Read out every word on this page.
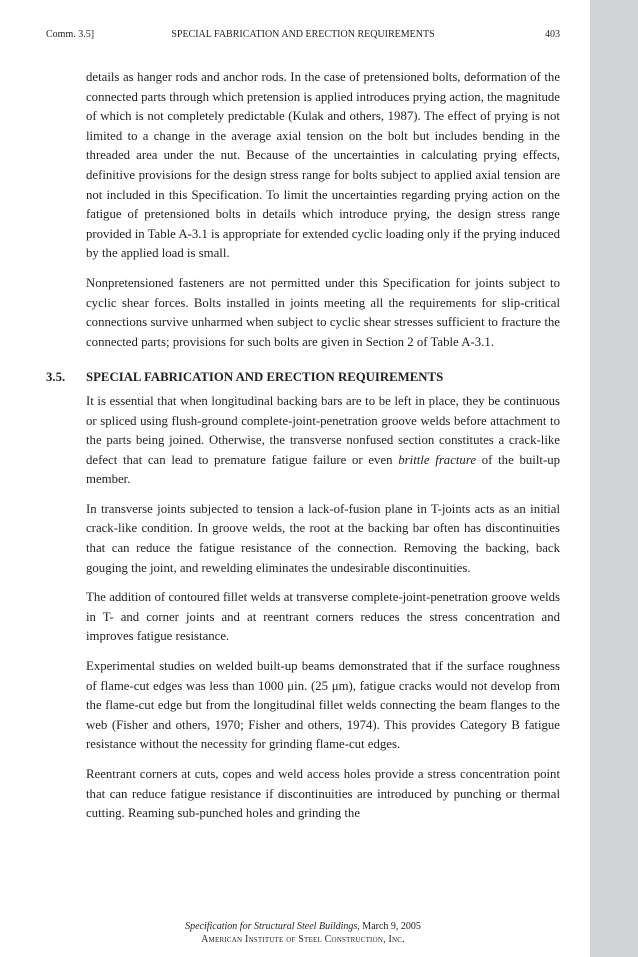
Comm. 3.5]	SPECIAL FABRICATION AND ERECTION REQUIREMENTS	403

details as hanger rods and anchor rods. In the case of pretensioned bolts, deformation of the connected parts through which pretension is applied introduces prying action, the magnitude of which is not completely predictable (Kulak and others, 1987). The effect of prying is not limited to a change in the average axial tension on the bolt but includes bending in the threaded area under the nut. Because of the uncertainties in calculating prying effects, definitive provisions for the design stress range for bolts subject to applied axial tension are not included in this Specification. To limit the uncertainties regarding prying action on the fatigue of pretensioned bolts in details which introduce prying, the design stress range provided in Table A-3.1 is appropriate for extended cyclic loading only if the prying induced by the applied load is small.

Nonpretensioned fasteners are not permitted under this Specification for joints subject to cyclic shear forces. Bolts installed in joints meeting all the requirements for slip-critical connections survive unharmed when subject to cyclic shear stresses sufficient to fracture the connected parts; provisions for such bolts are given in Section 2 of Table A-3.1.

3.5. SPECIAL FABRICATION AND ERECTION REQUIREMENTS

It is essential that when longitudinal backing bars are to be left in place, they be continuous or spliced using flush-ground complete-joint-penetration groove welds before attachment to the parts being joined. Otherwise, the transverse nonfused section constitutes a crack-like defect that can lead to premature fatigue failure or even brittle fracture of the built-up member.

In transverse joints subjected to tension a lack-of-fusion plane in T-joints acts as an initial crack-like condition. In groove welds, the root at the backing bar often has discontinuities that can reduce the fatigue resistance of the connection. Removing the backing, back gouging the joint, and rewelding eliminates the undesirable discontinuities.

The addition of contoured fillet welds at transverse complete-joint-penetration groove welds in T- and corner joints and at reentrant corners reduces the stress concentration and improves fatigue resistance.

Experimental studies on welded built-up beams demonstrated that if the surface roughness of flame-cut edges was less than 1000 μin. (25 μm), fatigue cracks would not develop from the flame-cut edge but from the longitudinal fillet welds connecting the beam flanges to the web (Fisher and others, 1970; Fisher and others, 1974). This provides Category B fatigue resistance without the necessity for grinding flame-cut edges.

Reentrant corners at cuts, copes and weld access holes provide a stress concentration point that can reduce fatigue resistance if discontinuities are introduced by punching or thermal cutting. Reaming sub-punched holes and grinding the

Specification for Structural Steel Buildings, March 9, 2005
American Institute of Steel Construction, Inc.
